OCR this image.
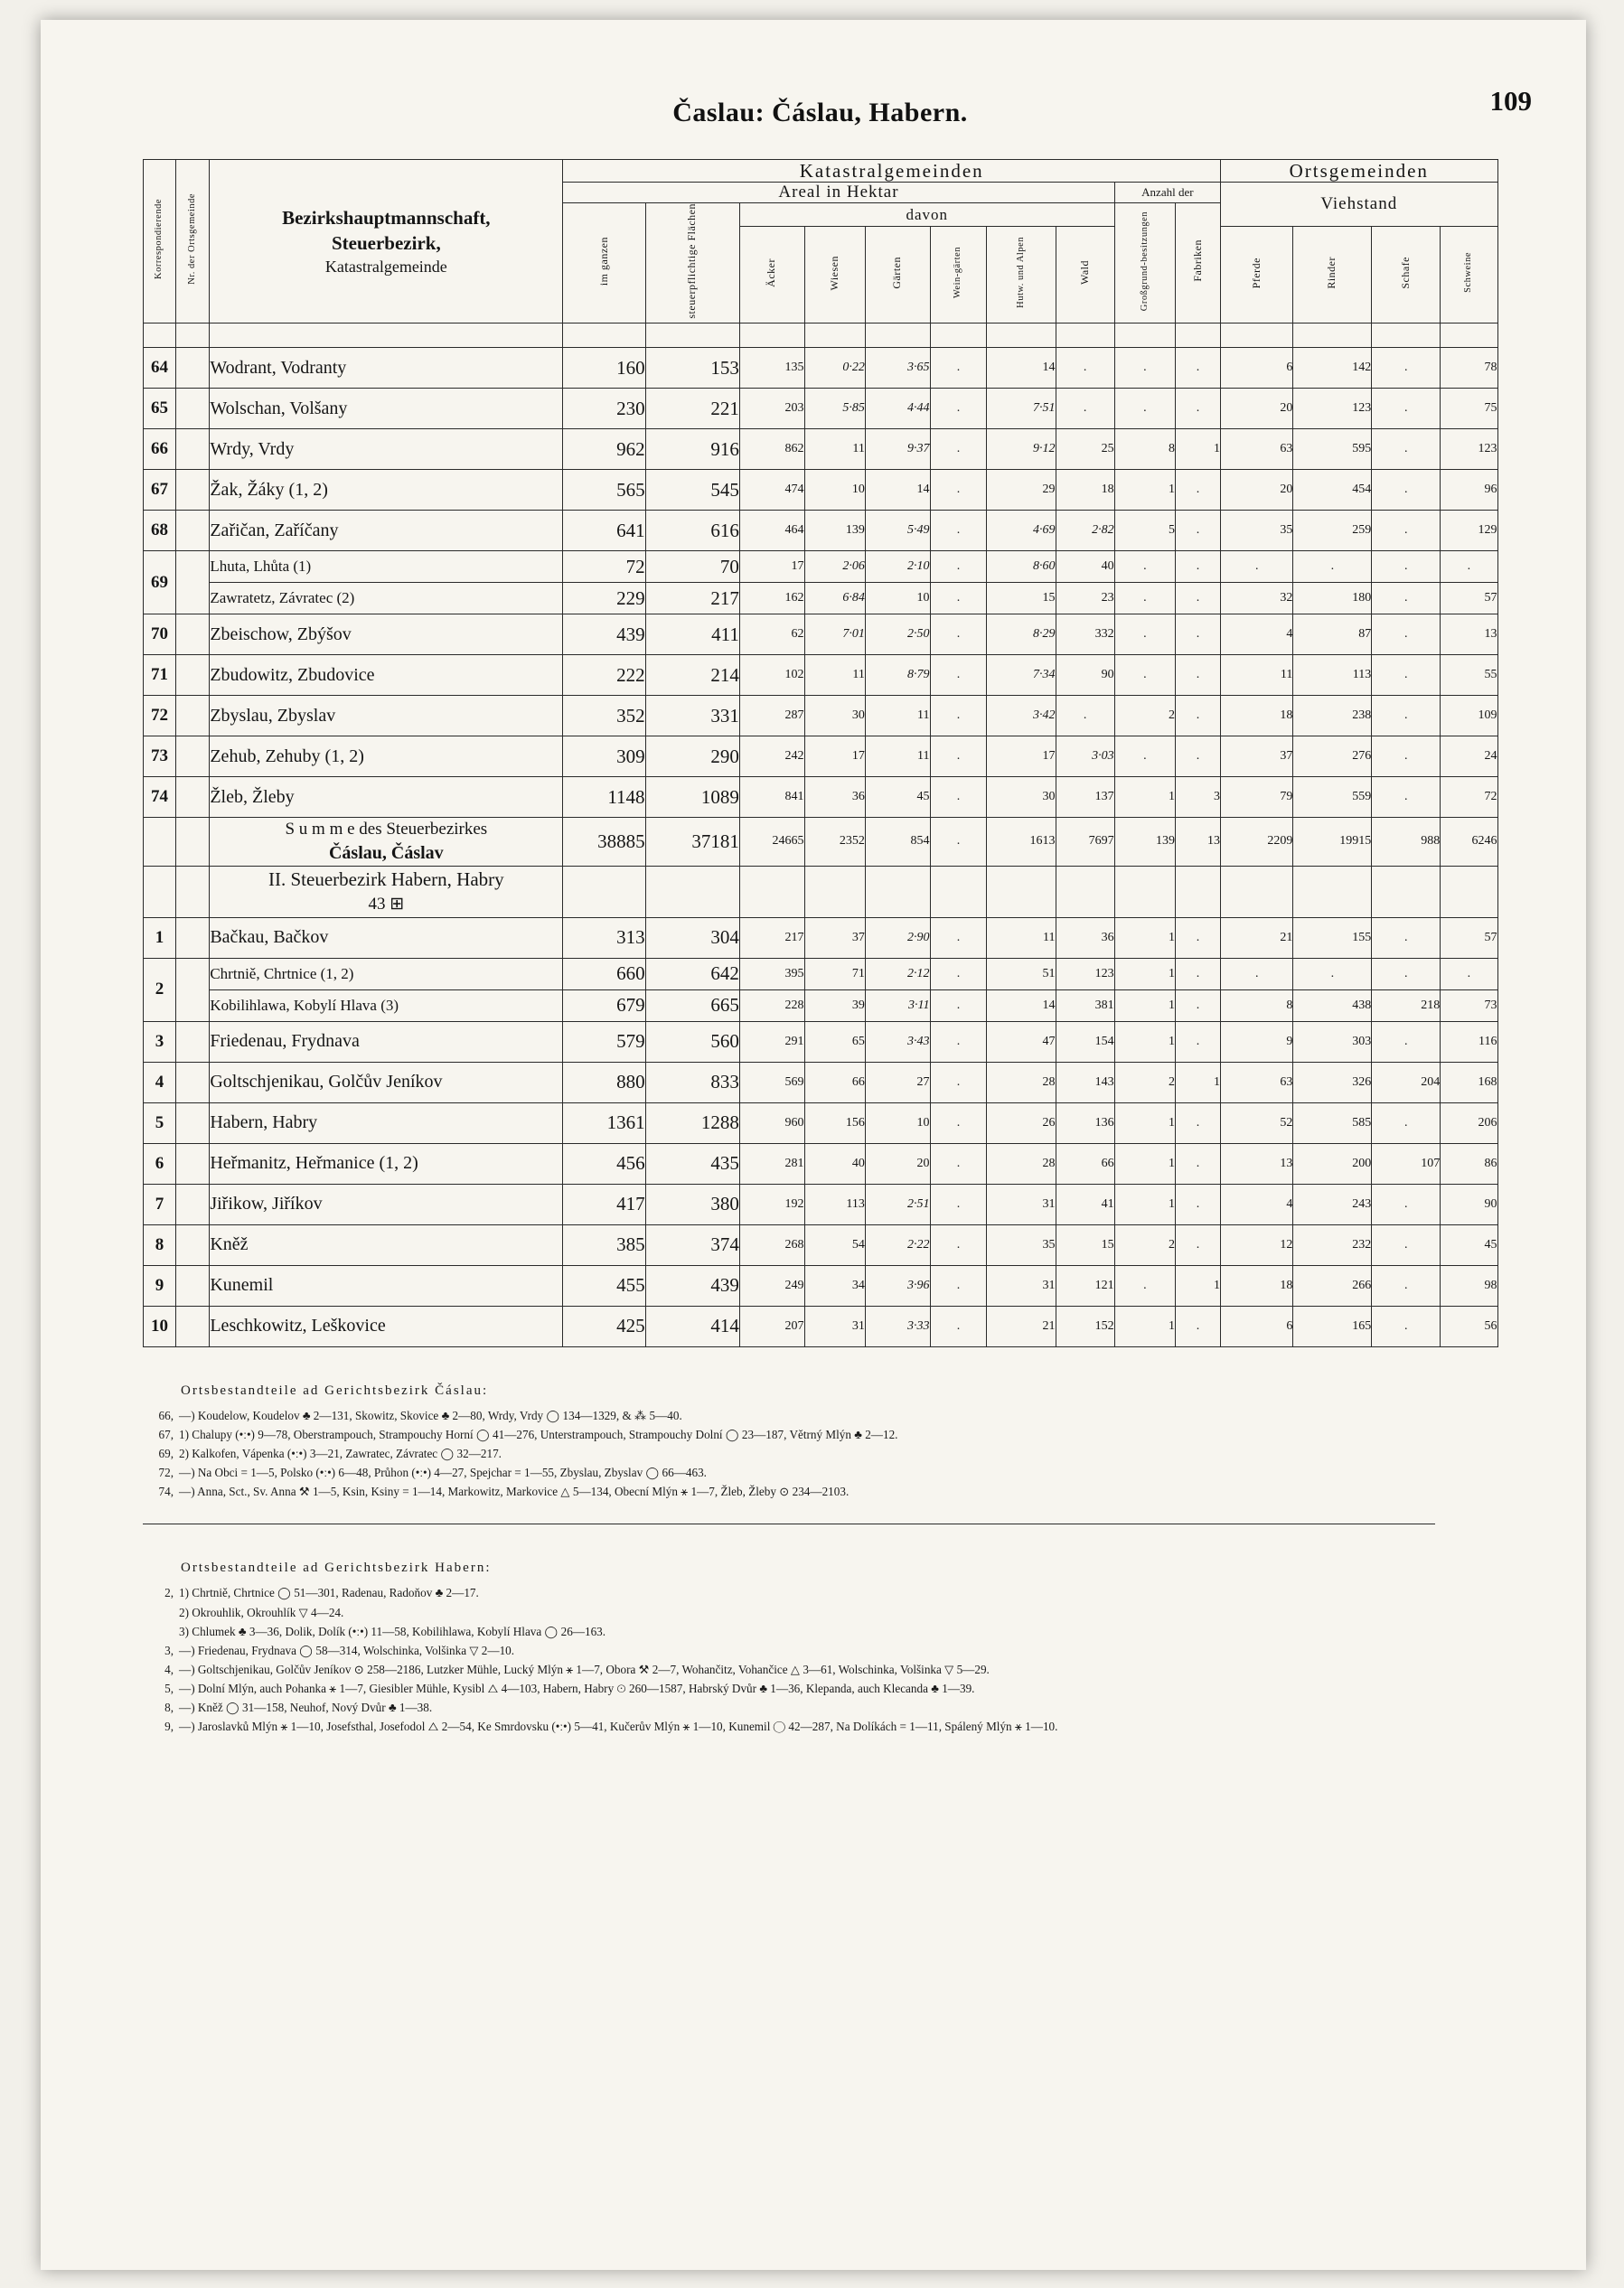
109
Časlau: Čáslau, Habern.
Korrespondierende	Nr. der Ortsgemeinde	Bezirkshauptmannschaft,
Steuerbezirk,
Katastralgemeinde	Katastralgemeinden										Ortsgemeinden			
			Areal in Hektar								Anzahl der		Viehstand			
			im ganzen	steuerpflichtige Flächen	davon						Großgrund-besitzungen	Fabriken				
					Äcker	Wiesen	Gärten	Wein-gärten	Hutw. und Alpen	Wald			Pferde	Rinder	Schafe	Schweine

64		Wodrant, Vodranty	160	153	135	0·22	3·65	.	14	.	.	.	6	142	.	78
65		Wolschan, Volšany	230	221	203	5·85	4·44	.	7·51	.	.	.	20	123	.	75
66		Wrdy, Vrdy	962	916	862	11	9·37	.	9·12	25	8	1	63	595	.	123
67		Žak, Žáky (1, 2)	565	545	474	10	14	.	29	18	1	.	20	454	.	96
68		Zařičan, Zaříčany	641	616	464	139	5·49	.	4·69	2·82	5	.	35	259	.	129
69		Lhuta, Lhůta (1)	72	70	17	2·06	2·10	.	8·60	40	.	.	.	.	.	.
		Zawratetz, Závratec (2)	229	217	162	6·84	10	.	15	23	.	.	32	180	.	57
70		Zbeischow, Zbýšov	439	411	62	7·01	2·50	.	8·29	332	.	.	4	87	.	13
71		Zbudowitz, Zbudovice	222	214	102	11	8·79	.	7·34	90	.	.	11	113	.	55
72		Zbyslau, Zbyslav	352	331	287	30	11	.	3·42	.	2	.	18	238	.	109
73		Zehub, Zehuby (1, 2)	309	290	242	17	11	.	17	3·03	.	.	37	276	.	24
74		Žleb, Žleby	1148	1089	841	36	45	.	30	137	1	3	79	559	.	72

		S u m m e des Steuerbezirkes
Čáslau, Čáslav	38885	37181	24665	2352	854	.	1613	7697	139	13	2209	19915	988	6246

		II. Steuerbezirk Habern, Habry
43 ⊞														

1		Bačkau, Bačkov	313	304	217	37	2·90	.	11	36	1	.	21	155	.	57
2		Chrtniě, Chrtnice (1, 2)	660	642	395	71	2·12	.	51	123	1	.	.	.	.	.
		Kobilihlawa, Kobylí Hlava (3)	679	665	228	39	3·11	.	14	381	1	.	8	438	218	73
3		Friedenau, Frydnava	579	560	291	65	3·43	.	47	154	1	.	9	303	.	116
4		Goltschjenikau, Golčův Jeníkov	880	833	569	66	27	.	28	143	2	1	63	326	204	168
5		Habern, Habry	1361	1288	960	156	10	.	26	136	1	.	52	585	.	206
6		Heřmanitz, Heřmanice (1, 2)	456	435	281	40	20	.	28	66	1	.	13	200	107	86
7		Jiřikow, Jiříkov	417	380	192	113	2·51	.	31	41	1	.	4	243	.	90
8		Kněž	385	374	268	54	2·22	.	35	15	2	.	12	232	.	45
9		Kunemil	455	439	249	34	3·96	.	31	121	.	1	18	266	.	98
10		Leschkowitz, Leškovice	425	414	207	31	3·33	.	21	152	1	.	6	165	.	56
Ortsbestandteile ad Gerichtsbezirk Čáslau:

66, —) Koudelow, Koudelov ♣ 2—131, Skowitz, Skovice ♣ 2—80, Wrdy, Vrdy ◯ 134—1329, & ⁂ 5—40.

67, 1) Chalupy (•ː•) 9—78, Oberstrampouch, Strampouchy Horní ◯ 41—276, Unterstrampouch, Strampouchy Dolní ◯ 23—187, Větrný Mlýn ♣ 2—12.

69, 2) Kalkofen, Vápenka (•ː•) 3—21, Zawratec, Závratec ◯ 32—217.

72, —) Na Obci = 1—5, Polsko (•ː•) 6—48, Průhon (•ː•) 4—27, Spejchar = 1—55, Zbyslau, Zbyslav ◯ 66—463.

74, —) Anna, Sct., Sv. Anna ⚒ 1—5, Ksin, Ksiny = 1—14, Markowitz, Markovice △ 5—134, Obecní Mlýn ⚹ 1—7, Žleb, Žleby ⊙ 234—2103.

Ortsbestandteile ad Gerichtsbezirk Habern:

2, 1) Chrtniě, Chrtnice ◯ 51—301, Radenau, Radoňov ♣ 2—17.

2) Okrouhlik, Okrouhlík ▽ 4—24.

3) Chlumek ♣ 3—36, Dolik, Dolík (•ː•) 11—58, Kobilihlawa, Kobylí Hlava ◯ 26—163.

3, —) Friedenau, Frydnava ◯ 58—314, Wolschinka, Volšinka ▽ 2—10.

4, —) Goltschjenikau, Golčův Jeníkov ⊙ 258—2186, Lutzker Mühle, Lucký Mlýn ⚹ 1—7, Obora ⚒ 2—7, Wohančitz, Vohančice △ 3—61, Wolschinka, Volšinka ▽ 5—29.

5, —) Dolní Mlýn, auch Pohanka ⚹ 1—7, Giesibler Mühle, Kysibl △ 4—103, Habern, Habry ⊙ 260—1587, Habrský Dvůr ♣ 1—36, Klepanda, auch Klecanda ♣ 1—39.

8, —) Kněž ◯ 31—158, Neuhof, Nový Dvůr ♣ 1—38.

9, —) Jaroslavků Mlýn ⚹ 1—10, Josefsthal, Josefodol △ 2—54, Ke Smrdovsku (•ː•) 5—41, Kučerův Mlýn ⚹ 1—10, Kunemil ◯ 42—287, Na Dolíkách = 1—11, Spálený Mlýn ⚹ 1—10.
